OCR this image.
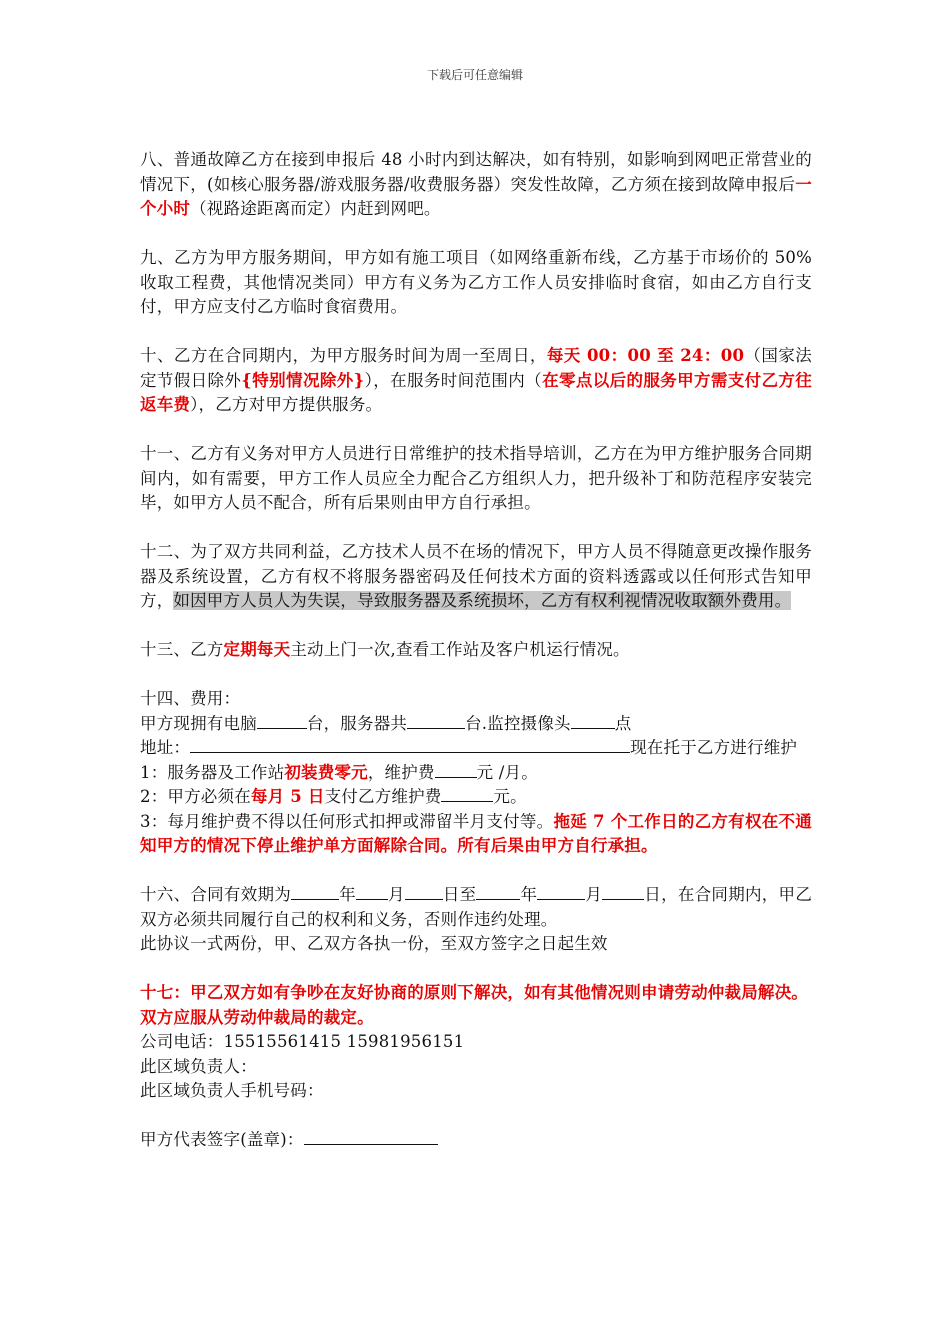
下载后可任意编辑

八、普通故障乙方在接到申报后 48 小时内到达解决，如有特别，如影响到网吧正常营业的情况下，(如核心服务器/游戏服务器/收费服务器）突发性故障，乙方须在接到故障申报后一个小时（视路途距离而定）内赶到网吧。

九、乙方为甲方服务期间，甲方如有施工项目（如网络重新布线，乙方基于市场价的 50%收取工程费，其他情况类同）甲方有义务为乙方工作人员安排临时食宿，如由乙方自行支付，甲方应支付乙方临时食宿费用。

十、乙方在合同期内，为甲方服务时间为周一至周日，每天 00：00 至 24：00（国家法定节假日除外{特别情况除外}），在服务时间范围内（在零点以后的服务甲方需支付乙方往返车费），乙方对甲方提供服务。

十一、乙方有义务对甲方人员进行日常维护的技术指导培训，乙方在为甲方维护服务合同期间内，如有需要，甲方工作人员应全力配合乙方组织人力，把升级补丁和防范程序安装完毕，如甲方人员不配合，所有后果则由甲方自行承担。

十二、为了双方共同利益，乙方技术人员不在场的情况下，甲方人员不得随意更改操作服务器及系统设置，乙方有权不将服务器密码及任何技术方面的资料透露或以任何形式告知甲方，如因甲方人员人为失误，导致服务器及系统损坏，乙方有权利视情况收取额外费用。

十三、乙方定期每天主动上门一次,查看工作站及客户机运行情况。

十四、费用：
甲方现拥有电脑	台，服务器共	台.监控摄像头	点
地址：	现在托于乙方进行维护
1：服务器及工作站初装费零元，维护费	元 /月。
2：甲方必须在每月 5 日支付乙方维护费	元。
3：每月维护费不得以任何形式扣押或滞留半月支付等。拖延 7 个工作日的乙方有权在不通知甲方的情况下停止维护单方面解除合同。所有后果由甲方自行承担。
十六、合同有效期为	年 月 日至	年	月	日，在合同期内，甲乙双方必须共同履行自己的权利和义务，否则作违约处理。
此协议一式两份，甲、乙双方各执一份，至双方签字之日起生效
十七：甲乙双方如有争吵在友好协商的原则下解决，如有其他情况则申请劳动仲裁局解决。双方应服从劳动仲裁局的裁定。
公司电话：15515561415 15981956151
此区域负责人：
此区域负责人手机号码：
甲方代表签字(盖章)：
